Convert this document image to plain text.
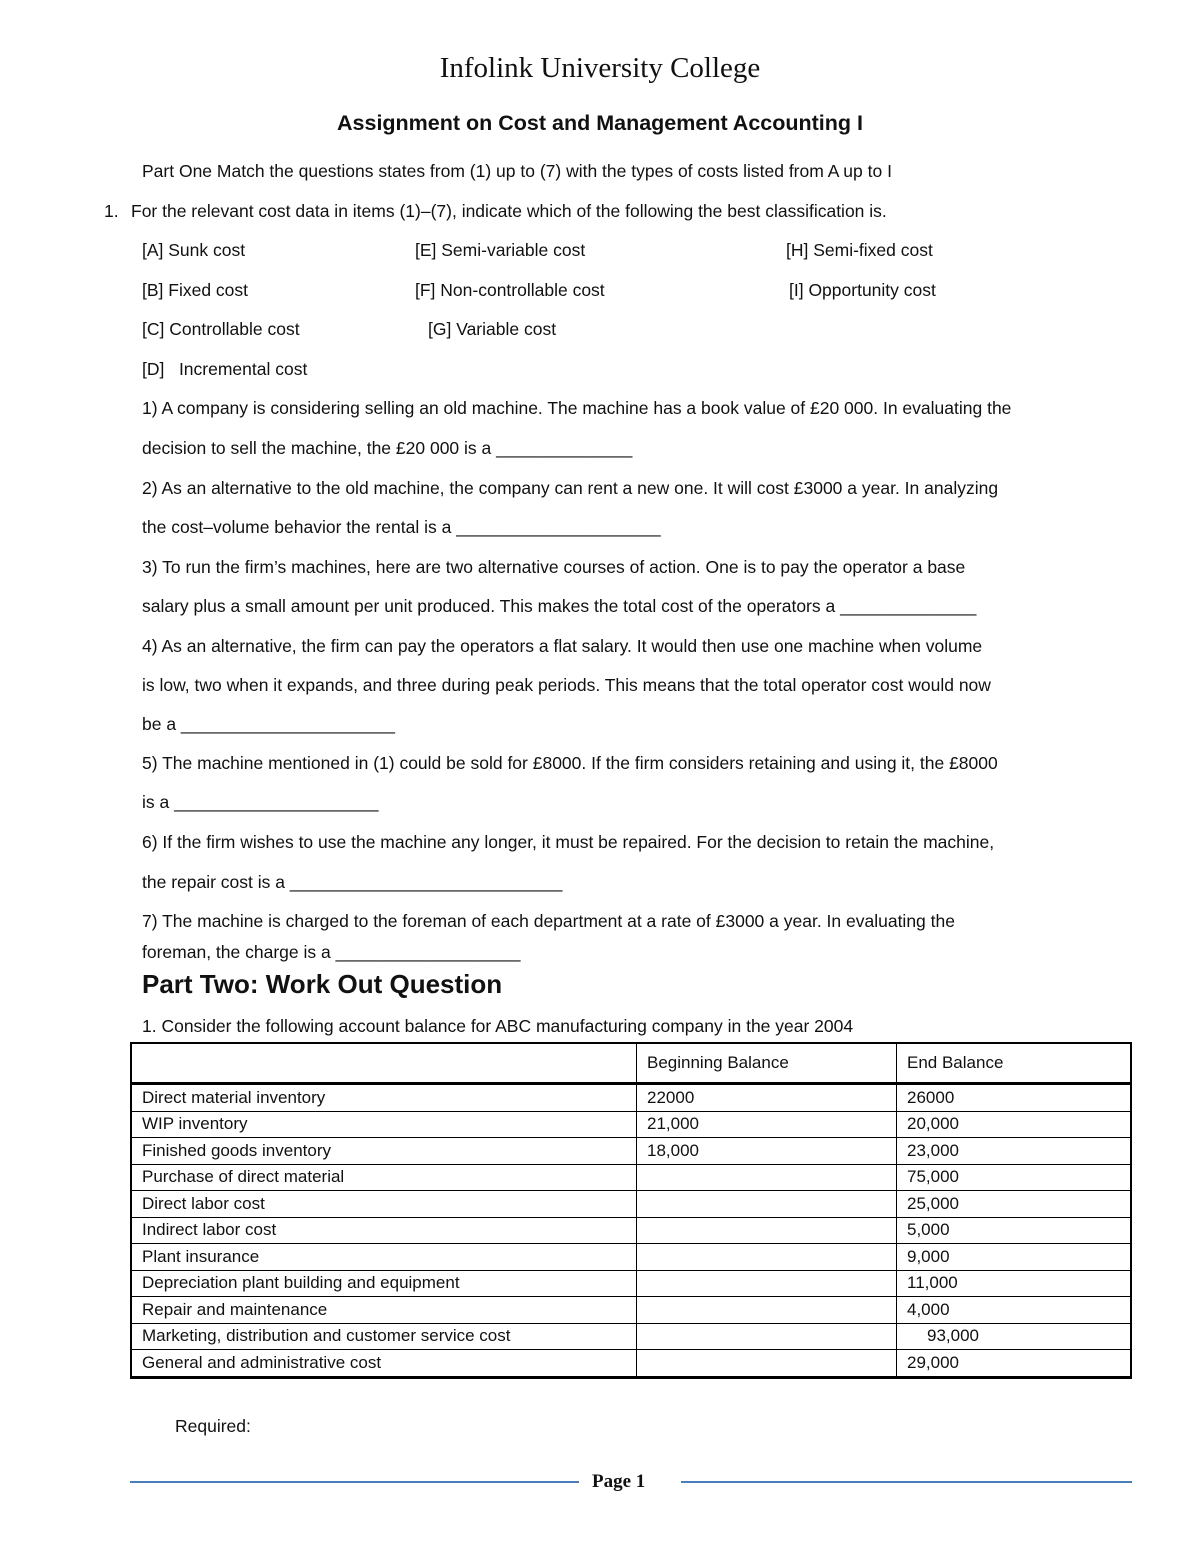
Infolink University College
Assignment on Cost and Management Accounting I
Part One Match the questions states from (1) up to (7) with the types of costs listed from A up to I
1. For the relevant cost data in items (1)–(7), indicate which of the following the best classification is.
[A] Sunk cost	[E] Semi-variable cost	[H] Semi-fixed cost
[B] Fixed cost	[F] Non-controllable cost	[I] Opportunity cost
[C] Controllable cost	[G] Variable cost
[D]   Incremental cost
1) A company is considering selling an old machine. The machine has a book value of £20 000. In evaluating the
decision to sell the machine, the £20 000 is a ______________
2) As an alternative to the old machine, the company can rent a new one. It will cost £3000 a year. In analyzing
the cost–volume behavior the rental is a _____________________
3) To run the firm’s machines, here are two alternative courses of action. One is to pay the operator a base
salary plus a small amount per unit produced. This makes the total cost of the operators a ______________
4) As an alternative, the firm can pay the operators a flat salary. It would then use one machine when volume
is low, two when it expands, and three during peak periods. This means that the total operator cost would now
be a ______________________
5) The machine mentioned in (1) could be sold for £8000. If the firm considers retaining and using it, the £8000
is a _____________________
6) If the firm wishes to use the machine any longer, it must be repaired. For the decision to retain the machine,
the repair cost is a ____________________________
7) The machine is charged to the foreman of each department at a rate of £3000 a year. In evaluating the
foreman, the charge is a ___________________
Part Two: Work Out Question
1. Consider the following account balance for ABC manufacturing company in the year 2004
	Beginning Balance	End Balance
Direct material inventory	22000	26000
WIP inventory	21,000	20,000
Finished goods inventory	18,000	23,000
Purchase of direct material		75,000
Direct labor cost		25,000
Indirect labor cost		5,000
Plant insurance		9,000
Depreciation plant building and equipment		11,000
Repair and maintenance		4,000
Marketing, distribution and customer service cost		93,000
General and administrative cost		29,000
Required:
Page 1
